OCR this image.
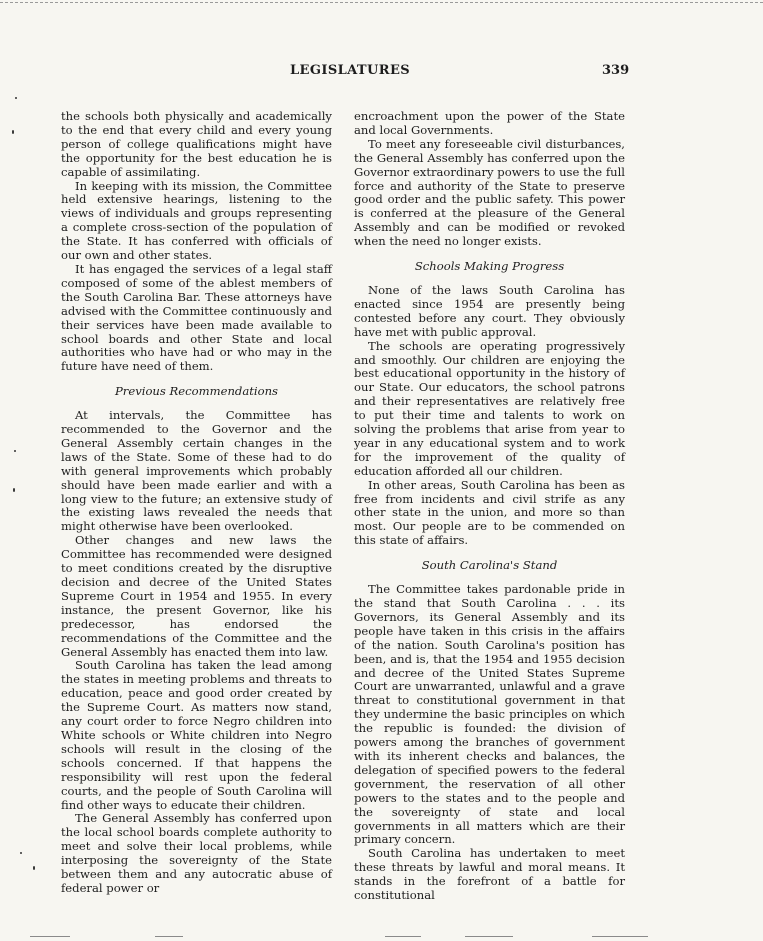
LEGISLATURES	339

the schools both physically and academically to the end that every child and every young person of college qualifications might have the opportunity for the best education he is capable of assimilating.

In keeping with its mission, the Committee held extensive hearings, listening to the views of individuals and groups representing a complete cross-section of the population of the State. It has conferred with officials of our own and other states.

It has engaged the services of a legal staff composed of some of the ablest members of the South Carolina Bar. These attorneys have advised with the Committee continuously and their services have been made available to school boards and other State and local authorities who have had or who may in the future have need of them.

Previous Recommendations

At intervals, the Committee has recommended to the Governor and the General Assembly certain changes in the laws of the State. Some of these had to do with general improvements which probably should have been made earlier and with a long view to the future; an extensive study of the existing laws revealed the needs that might otherwise have been overlooked.

Other changes and new laws the Committee has recommended were designed to meet conditions created by the disruptive decision and decree of the United States Supreme Court in 1954 and 1955. In every instance, the present Governor, like his predecessor, has endorsed the recommendations of the Committee and the General Assembly has enacted them into law.

South Carolina has taken the lead among the states in meeting problems and threats to education, peace and good order created by the Supreme Court. As matters now stand, any court order to force Negro children into White schools or White children into Negro schools will result in the closing of the schools concerned. If that happens the responsibility will rest upon the federal courts, and the people of South Carolina will find other ways to educate their children.

The General Assembly has conferred upon the local school boards complete authority to meet and solve their local problems, while interposing the sovereignty of the State between them and any autocratic abuse of federal power or

encroachment upon the power of the State and local Governments.

To meet any foreseeable civil disturbances, the General Assembly has conferred upon the Governor extraordinary powers to use the full force and authority of the State to preserve good order and the public safety. This power is conferred at the pleasure of the General Assembly and can be modified or revoked when the need no longer exists.

Schools Making Progress

None of the laws South Carolina has enacted since 1954 are presently being contested before any court. They obviously have met with public approval.

The schools are operating progressively and smoothly. Our children are enjoying the best educational opportunity in the history of our State. Our educators, the school patrons and their representatives are relatively free to put their time and talents to work on solving the problems that arise from year to year in any educational system and to work for the improvement of the quality of education afforded all our children.

In other areas, South Carolina has been as free from incidents and civil strife as any other state in the union, and more so than most. Our people are to be commended on this state of affairs.

South Carolina's Stand

The Committee takes pardonable pride in the stand that South Carolina . . . its Governors, its General Assembly and its people have taken in this crisis in the affairs of the nation. South Carolina's position has been, and is, that the 1954 and 1955 decision and decree of the United States Supreme Court are unwarranted, unlawful and a grave threat to constitutional government in that they undermine the basic principles on which the republic is founded: the division of powers among the branches of government with its inherent checks and balances, the delegation of specified powers to the federal government, the reservation of all other powers to the states and to the people and the sovereignty of state and local governments in all matters which are their primary concern.

South Carolina has undertaken to meet these threats by lawful and moral means. It stands in the forefront of a battle for constitutional
